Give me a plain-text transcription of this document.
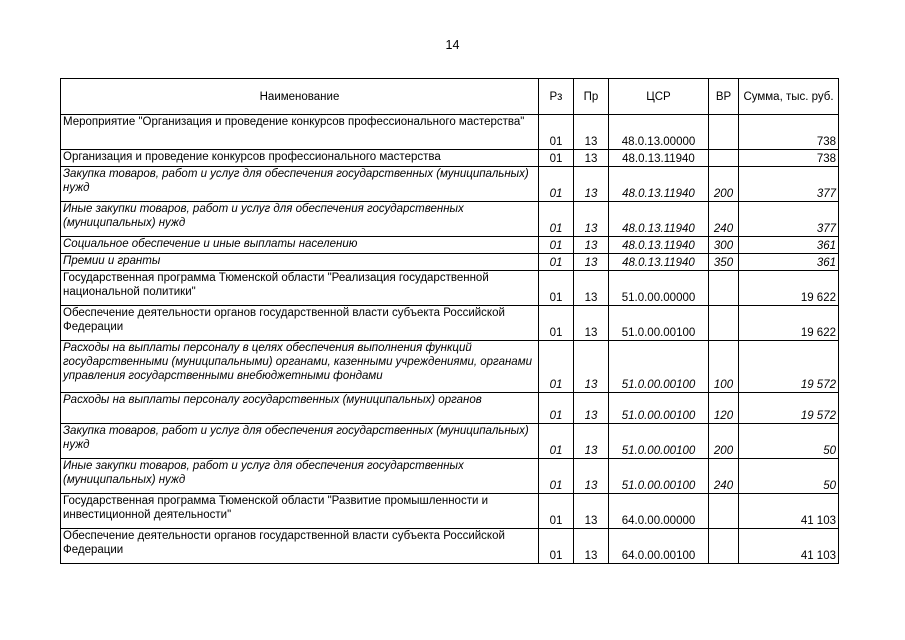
14
Наименование	Рз	Пр	ЦСР	ВР	Сумма, тыс. руб.
Мероприятие "Организация и проведение конкурсов профессионального мастерства"	01	13	48.0.13.00000		738
Организация и проведение конкурсов профессионального мастерства	01	13	48.0.13.11940		738
Закупка товаров, работ и услуг для обеспечения государственных (муниципальных) нужд	01	13	48.0.13.11940	200	377
Иные закупки товаров, работ и услуг для обеспечения государственных (муниципальных) нужд	01	13	48.0.13.11940	240	377
Социальное обеспечение и иные выплаты населению	01	13	48.0.13.11940	300	361
Премии и гранты	01	13	48.0.13.11940	350	361
Государственная программа Тюменской области "Реализация государственной национальной политики"	01	13	51.0.00.00000		19 622
Обеспечение деятельности органов государственной власти субъекта Российской Федерации	01	13	51.0.00.00100		19 622
Расходы на выплаты персоналу в целях обеспечения выполнения функций государственными (муниципальными) органами, казенными учреждениями, органами управления государственными внебюджетными фондами	01	13	51.0.00.00100	100	19 572
Расходы на выплаты персоналу государственных (муниципальных) органов	01	13	51.0.00.00100	120	19 572
Закупка товаров, работ и услуг для обеспечения государственных (муниципальных) нужд	01	13	51.0.00.00100	200	50
Иные закупки товаров, работ и услуг для обеспечения государственных (муниципальных) нужд	01	13	51.0.00.00100	240	50
Государственная программа Тюменской области "Развитие промышленности и инвестиционной деятельности"	01	13	64.0.00.00000		41 103
Обеспечение деятельности органов государственной власти субъекта Российской Федерации	01	13	64.0.00.00100		41 103
